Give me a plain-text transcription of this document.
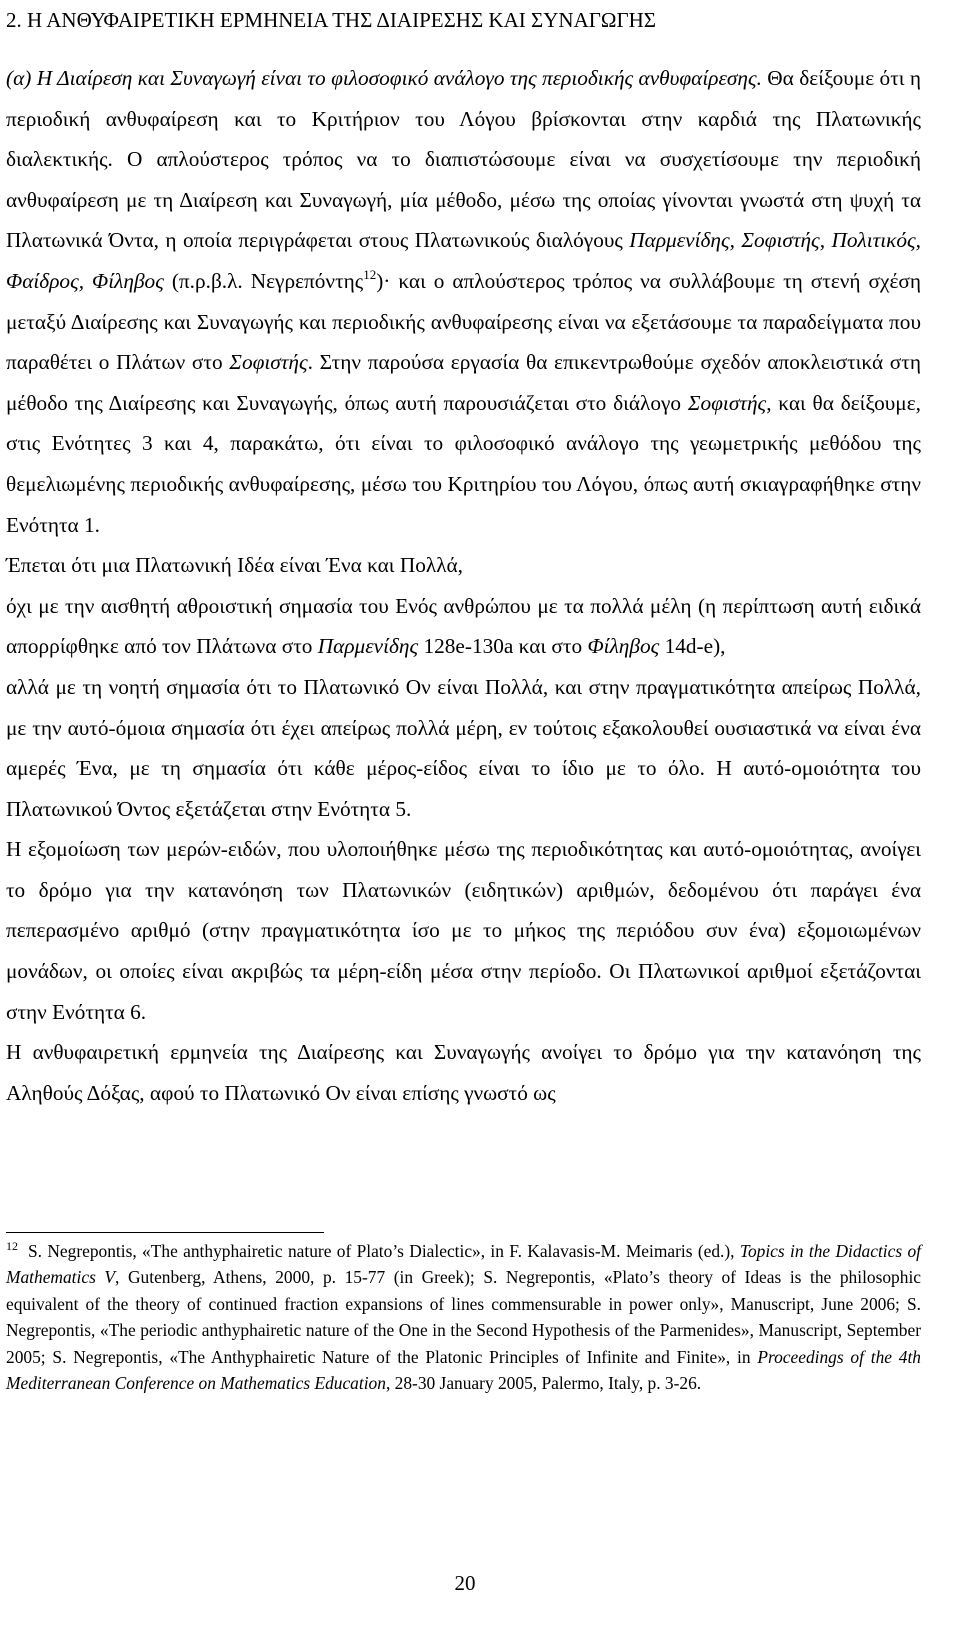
2. Η ΑΝΘΥΦΑΙΡΕΤΙΚΗ ΕΡΜΗΝΕΙΑ ΤΗΣ ΔΙΑΙΡΕΣΗΣ ΚΑΙ ΣΥΝΑΓΩΓΗΣ

(α) Η Διαίρεση και Συναγωγή είναι το φιλοσοφικό ανάλογο της περιοδικής ανθυφαίρεσης. Θα δείξουμε ότι η περιοδική ανθυφαίρεση και το Κριτήριον του Λόγου βρίσκονται στην καρδιά της Πλατωνικής διαλεκτικής. Ο απλούστερος τρόπος να το διαπιστώσουμε είναι να συσχετίσουμε την περιοδική ανθυφαίρεση με τη Διαίρεση και Συναγωγή, μία μέθοδο, μέσω της οποίας γίνονται γνωστά στη ψυχή τα Πλατωνικά Όντα, η οποία περιγράφεται στους Πλατωνικούς διαλόγους Παρμενίδης, Σοφιστής, Πολιτικός, Φαίδρος, Φίληβος (π.ρ.β.λ. Νεγρεπόντης$^{12}$)· και ο απλούστερος τρόπος να συλλάβουμε τη στενή σχέση μεταξύ Διαίρεσης και Συναγωγής και περιοδικής ανθυφαίρεσης είναι να εξετάσουμε τα παραδείγματα που παραθέτει ο Πλάτων στο Σοφιστής. Στην παρούσα εργασία θα επικεντρωθούμε σχεδόν αποκλειστικά στη μέθοδο της Διαίρεσης και Συναγωγής, όπως αυτή παρουσιάζεται στο διάλογο Σοφιστής, και θα δείξουμε, στις Ενότητες 3 και 4, παρακάτω, ότι είναι το φιλοσοφικό ανάλογο της γεωμετρικής μεθόδου της θεμελιωμένης περιοδικής ανθυφαίρεσης, μέσω του Κριτηρίου του Λόγου, όπως αυτή σκιαγραφήθηκε στην Ενότητα 1.

Έπεται ότι μια Πλατωνική Ιδέα είναι Ένα και Πολλά,

όχι με την αισθητή αθροιστική σημασία του Ενός ανθρώπου με τα πολλά μέλη (η περίπτωση αυτή ειδικά απορρίφθηκε από τον Πλάτωνα στο Παρμενίδης 128e-130a και στο Φίληβος 14d-e),

αλλά με τη νοητή σημασία ότι το Πλατωνικό Ον είναι Πολλά, και στην πραγματικότητα απείρως Πολλά, με την αυτό-όμοια σημασία ότι έχει απείρως πολλά μέρη, εν τούτοις εξακολουθεί ουσιαστικά να είναι ένα αμερές Ένα, με τη σημασία ότι κάθε μέρος-είδος είναι το ίδιο με το όλο. Η αυτό-ομοιότητα του Πλατωνικού Όντος εξετάζεται στην Ενότητα 5.

Η εξομοίωση των μερών-ειδών, που υλοποιήθηκε μέσω της περιοδικότητας και αυτό-ομοιότητας, ανοίγει το δρόμο για την κατανόηση των Πλατωνικών (ειδητικών) αριθμών, δεδομένου ότι παράγει ένα πεπερασμένο αριθμό (στην πραγματικότητα ίσο με το μήκος της περιόδου συν ένα) εξομοιωμένων μονάδων, οι οποίες είναι ακριβώς τα μέρη-είδη μέσα στην περίοδο. Οι Πλατωνικοί αριθμοί εξετάζονται στην Ενότητα 6.

Η ανθυφαιρετική ερμηνεία της Διαίρεσης και Συναγωγής ανοίγει το δρόμο για την κατανόηση της Αληθούς Δόξας, αφού το Πλατωνικό Ον είναι επίσης γνωστό ως

$^{12}$ S. Negrepontis, «The anthyphairetic nature of Plato’s Dialectic», in F. Kalavasis-M. Meimaris (ed.), Topics in the Didactics of Mathematics V, Gutenberg, Athens, 2000, p. 15-77 (in Greek); S. Negrepontis, «Plato’s theory of Ideas is the philosophic equivalent of the theory of continued fraction expansions of lines commensurable in power only», Manuscript, June 2006; S. Negrepontis, «The periodic anthyphairetic nature of the One in the Second Hypothesis of the Parmenides», Manuscript, September 2005; S. Negrepontis, «The Anthyphairetic Nature of the Platonic Principles of Infinite and Finite», in Proceedings of the 4th Mediterranean Conference on Mathematics Education, 28-30 January 2005, Palermo, Italy, p. 3-26.
20
